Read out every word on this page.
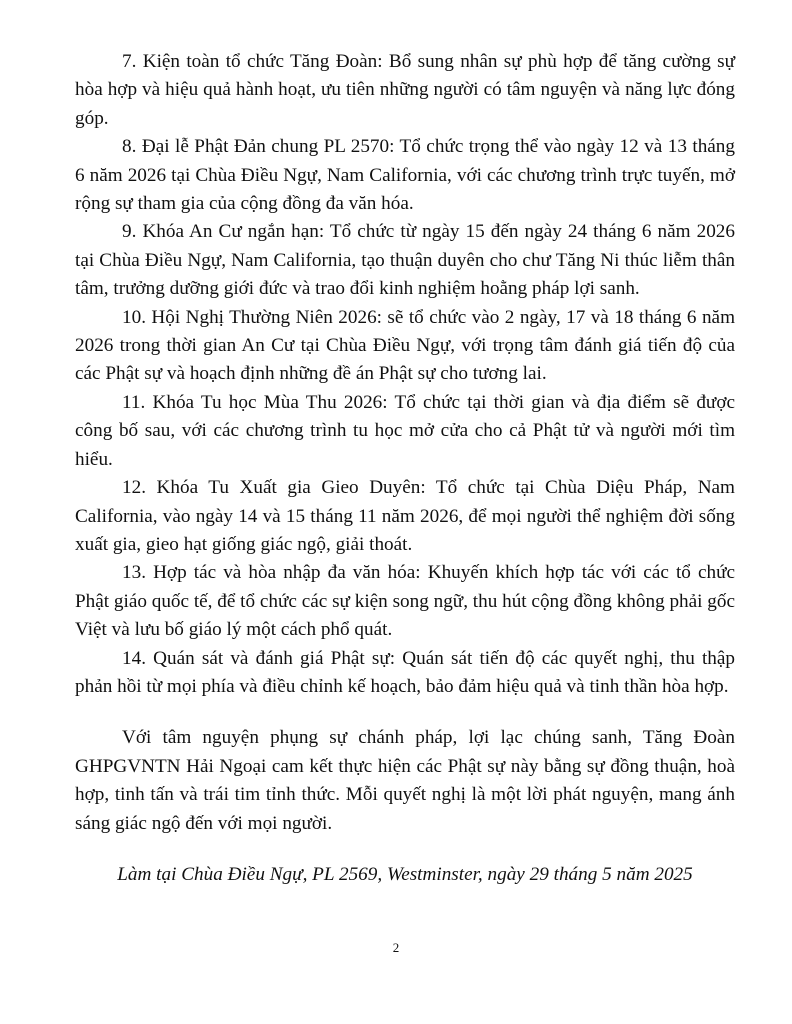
7. Kiện toàn tổ chức Tăng Đoàn: Bổ sung nhân sự phù hợp để tăng cường sự hòa hợp và hiệu quả hành hoạt, ưu tiên những người có tâm nguyện và năng lực đóng góp.

8. Đại lễ Phật Đản chung PL 2570: Tổ chức trọng thể vào ngày 12 và 13 tháng 6 năm 2026 tại Chùa Điều Ngự, Nam California, với các chương trình trực tuyến, mở rộng sự tham gia của cộng đồng đa văn hóa.

9. Khóa An Cư ngắn hạn: Tổ chức từ ngày 15 đến ngày 24 tháng 6 năm 2026 tại Chùa Điều Ngự, Nam California, tạo thuận duyên cho chư Tăng Ni thúc liễm thân tâm, trưởng dưỡng giới đức và trao đổi kinh nghiệm hoằng pháp lợi sanh.

10. Hội Nghị Thường Niên 2026: sẽ tổ chức vào 2 ngày, 17 và 18 tháng 6 năm 2026 trong thời gian An Cư tại Chùa Điều Ngự, với trọng tâm đánh giá tiến độ của các Phật sự và hoạch định những đề án Phật sự cho tương lai.

11. Khóa Tu học Mùa Thu 2026: Tổ chức tại thời gian và địa điểm sẽ được công bố sau, với các chương trình tu học mở cửa cho cả Phật tử và người mới tìm hiểu.

12. Khóa Tu Xuất gia Gieo Duyên: Tổ chức tại Chùa Diệu Pháp, Nam California, vào ngày 14 và 15 tháng 11 năm 2026, để mọi người thể nghiệm đời sống xuất gia, gieo hạt giống giác ngộ, giải thoát.

13. Hợp tác và hòa nhập đa văn hóa: Khuyến khích hợp tác với các tổ chức Phật giáo quốc tế, để tổ chức các sự kiện song ngữ, thu hút cộng đồng không phải gốc Việt và lưu bố giáo lý một cách phổ quát.

14. Quán sát và đánh giá Phật sự: Quán sát tiến độ các quyết nghị, thu thập phản hồi từ mọi phía và điều chỉnh kế hoạch, bảo đảm hiệu quả và tinh thần hòa hợp.

Với tâm nguyện phụng sự chánh pháp, lợi lạc chúng sanh, Tăng Đoàn GHPGVNTN Hải Ngoại cam kết thực hiện các Phật sự này bằng sự đồng thuận, hoà hợp, tinh tấn và trái tim tỉnh thức. Mỗi quyết nghị là một lời phát nguyện, mang ánh sáng giác ngộ đến với mọi người.

Làm tại Chùa Điều Ngự, PL 2569, Westminster, ngày 29 tháng 5 năm 2025

2
